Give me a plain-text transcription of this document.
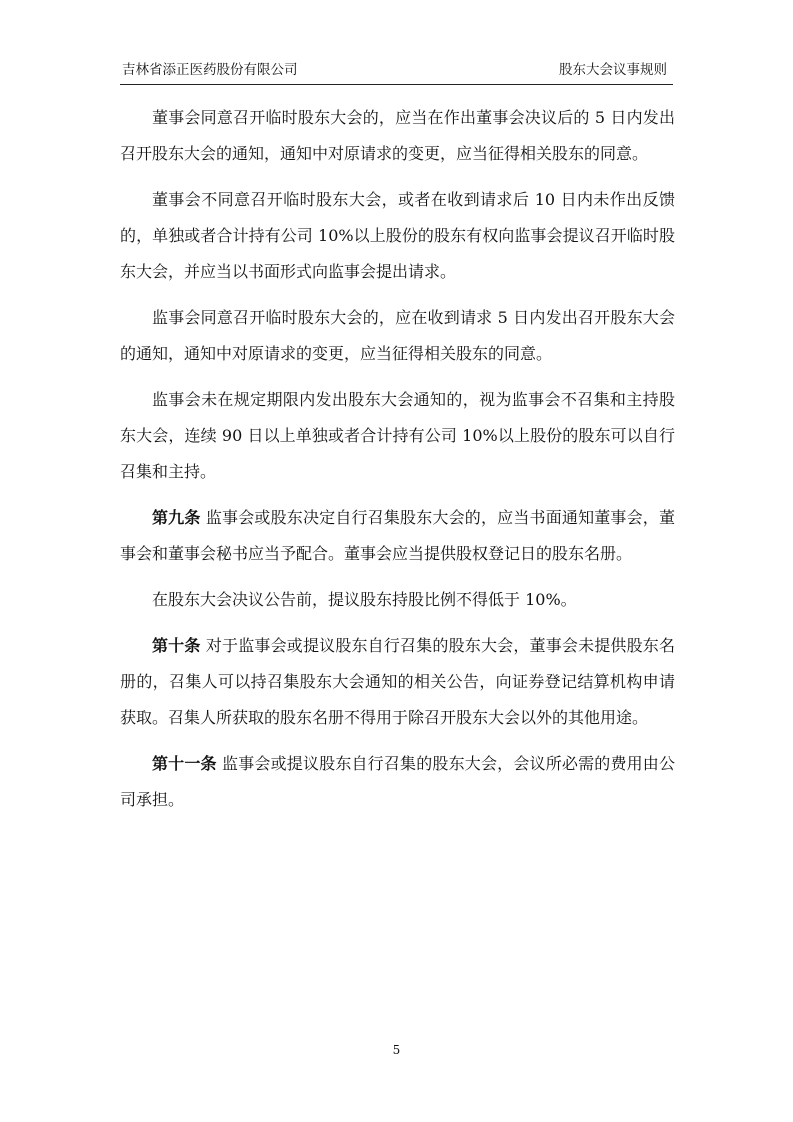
吉林省添正医药股份有限公司	股东大会议事规则

董事会同意召开临时股东大会的，应当在作出董事会决议后的 5 日内发出召开股东大会的通知，通知中对原请求的变更，应当征得相关股东的同意。

董事会不同意召开临时股东大会，或者在收到请求后 10 日内未作出反馈的，单独或者合计持有公司 10%以上股份的股东有权向监事会提议召开临时股东大会，并应当以书面形式向监事会提出请求。

监事会同意召开临时股东大会的，应在收到请求 5 日内发出召开股东大会的通知，通知中对原请求的变更，应当征得相关股东的同意。

监事会未在规定期限内发出股东大会通知的，视为监事会不召集和主持股东大会，连续 90 日以上单独或者合计持有公司 10%以上股份的股东可以自行召集和主持。

第九条 监事会或股东决定自行召集股东大会的，应当书面通知董事会，董事会和董事会秘书应当予配合。董事会应当提供股权登记日的股东名册。

在股东大会决议公告前，提议股东持股比例不得低于 10%。

第十条 对于监事会或提议股东自行召集的股东大会，董事会未提供股东名册的，召集人可以持召集股东大会通知的相关公告，向证券登记结算机构申请获取。召集人所获取的股东名册不得用于除召开股东大会以外的其他用途。

第十一条 监事会或提议股东自行召集的股东大会，会议所必需的费用由公司承担。

5
